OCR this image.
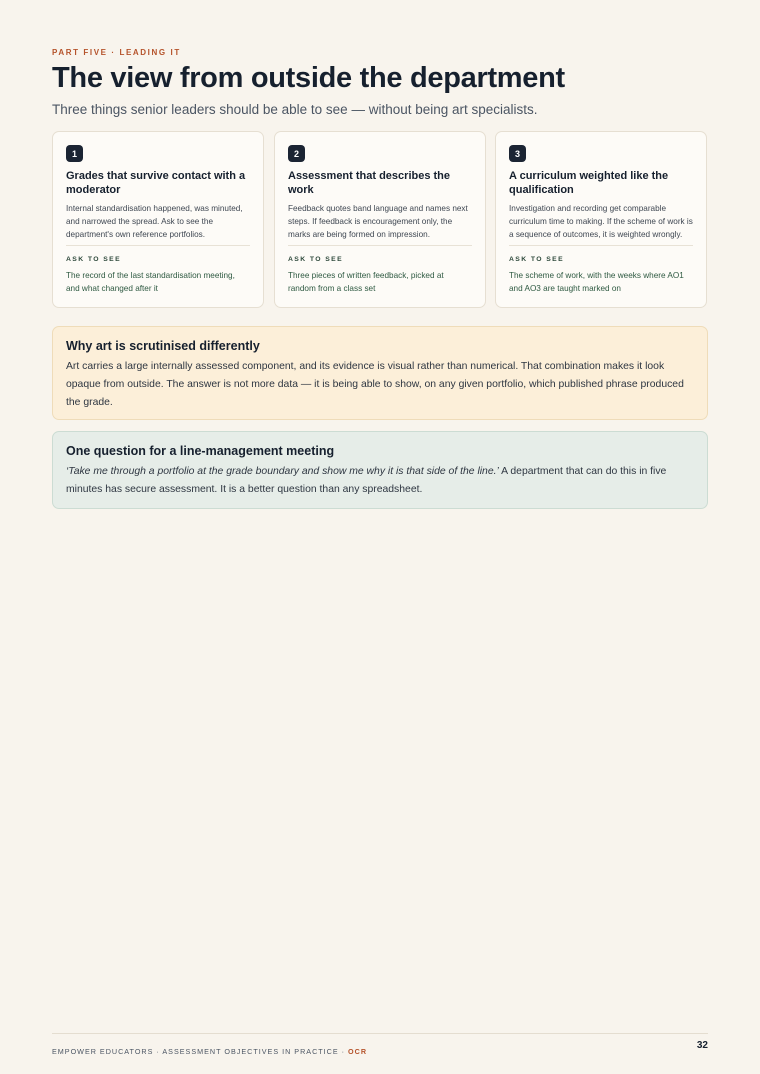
PART FIVE · LEADING IT
The view from outside the department
Three things senior leaders should be able to see — without being art specialists.
1
Grades that survive contact with a moderator
Internal standardisation happened, was minuted, and narrowed the spread. Ask to see the department's own reference portfolios.
ASK TO SEE
The record of the last standardisation meeting, and what changed after it
2
Assessment that describes the work
Feedback quotes band language and names next steps. If feedback is encouragement only, the marks are being formed on impression.
ASK TO SEE
Three pieces of written feedback, picked at random from a class set
3
A curriculum weighted like the qualification
Investigation and recording get comparable curriculum time to making. If the scheme of work is a sequence of outcomes, it is weighted wrongly.
ASK TO SEE
The scheme of work, with the weeks where AO1 and AO3 are taught marked on
Why art is scrutinised differently
Art carries a large internally assessed component, and its evidence is visual rather than numerical. That combination makes it look opaque from outside. The answer is not more data — it is being able to show, on any given portfolio, which published phrase produced the grade.
One question for a line-management meeting
‘Take me through a portfolio at the grade boundary and show me why it is that side of the line.’ A department that can do this in five minutes has secure assessment. It is a better question than any spreadsheet.
EMPOWER EDUCATORS · ASSESSMENT OBJECTIVES IN PRACTICE · OCR
32
